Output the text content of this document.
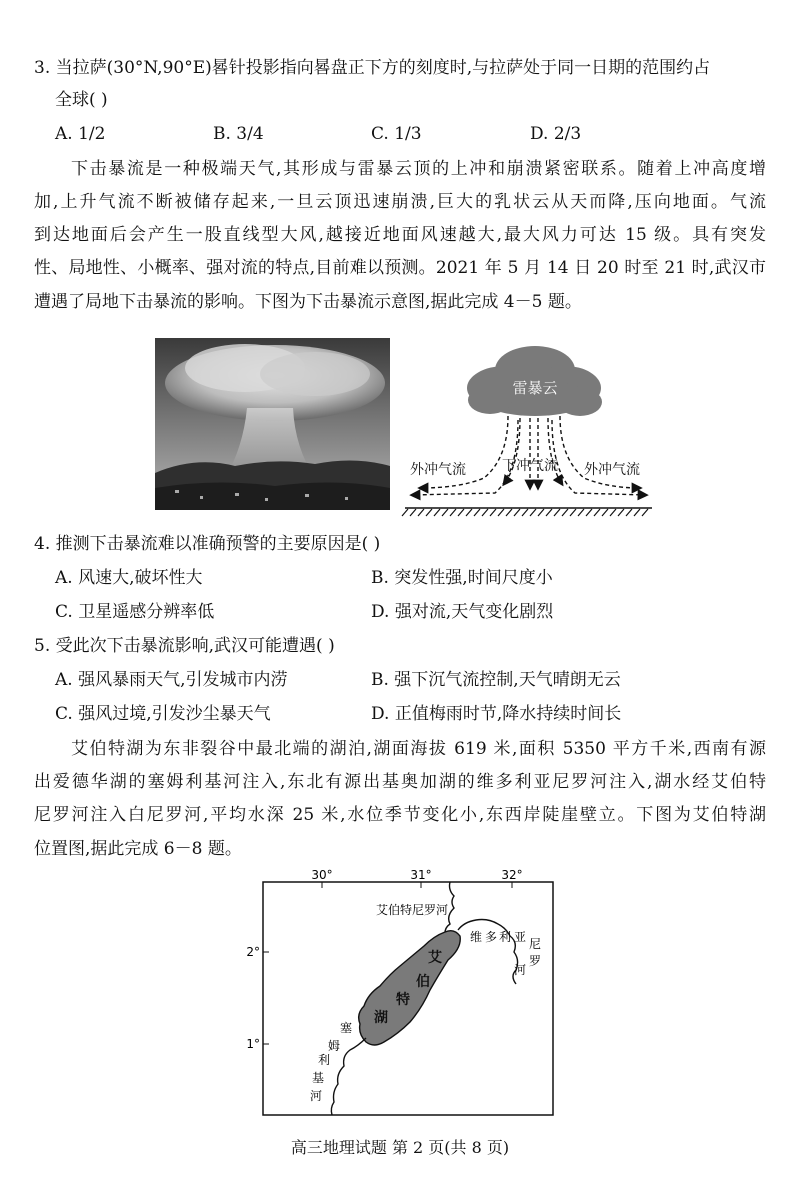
3. 当拉萨(30°N,90°E)晷针投影指向晷盘正下方的刻度时,与拉萨处于同一日期的范围约占
全球( )
A. 1/2	B. 3/4	C. 1/3	D. 2/3
下击暴流是一种极端天气,其形成与雷暴云顶的上冲和崩溃紧密联系。随着上冲高度增
加,上升气流不断被储存起来,一旦云顶迅速崩溃,巨大的乳状云从天而降,压向地面。气流
到达地面后会产生一股直线型大风,越接近地面风速越大,最大风力可达 15 级。具有突发
性、局地性、小概率、强对流的特点,目前难以预测。2021 年 5 月 14 日 20 时至 21 时,武汉市
遭遇了局地下击暴流的影响。下图为下击暴流示意图,据此完成 4－5 题。
雷暴云
外冲气流	下冲气流 外冲气流
4. 推测下击暴流难以准确预警的主要原因是( )
A. 风速大,破坏性大	B. 突发性强,时间尺度小
C. 卫星遥感分辨率低	D. 强对流,天气变化剧烈
5. 受此次下击暴流影响,武汉可能遭遇( )
A. 强风暴雨天气,引发城市内涝	B. 强下沉气流控制,天气晴朗无云
C. 强风过境,引发沙尘暴天气	D. 正值梅雨时节,降水持续时间长
艾伯特湖为东非裂谷中最北端的湖泊,湖面海拔 619 米,面积 5350 平方千米,西南有源
出爱德华湖的塞姆利基河注入,东北有源出基奥加湖的维多利亚尼罗河注入,湖水经艾伯特
尼罗河注入白尼罗河,平均水深 25 米,水位季节变化小,东西岸陡崖壁立。下图为艾伯特湖
位置图,据此完成 6－8 题。
30°	31°	32°
2°
1°
艾伯特尼罗河
维 多 利 亚 尼
罗
河
艾
伯
特
湖
塞
姆
利
基
河
高三地理试题 第 2 页(共 8 页)
